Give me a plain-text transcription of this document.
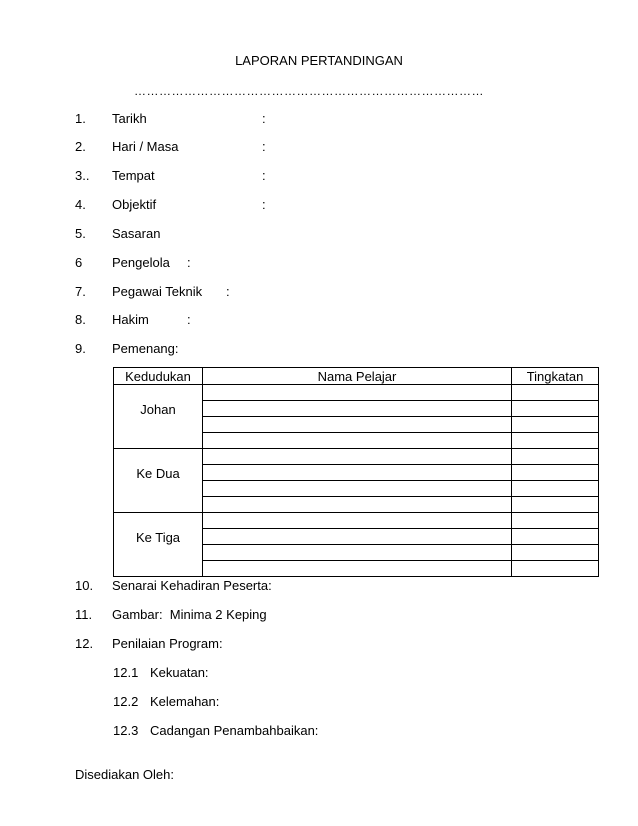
LAPORAN PERTANDINGAN
…………………………………………………………………………
1. Tarikh	:
2. Hari / Masa	:
3.. Tempat	:
4. Objektif	:
5. Sasaran
6 Pengelola :
7. Pegawai Teknik :
8. Hakim	:
9. Pemenang:
Kedudukan	Nama Pelajar	Tingkatan

Johan		

Ke Dua		

Ke Tiga		

10. Senarai Kehadiran Peserta:
11. Gambar:  Minima 2 Keping
12. Penilaian Program:
12.1 Kekuatan:
12.2 Kelemahan:
12.3 Cadangan Penambahbaikan:
Disediakan Oleh:
